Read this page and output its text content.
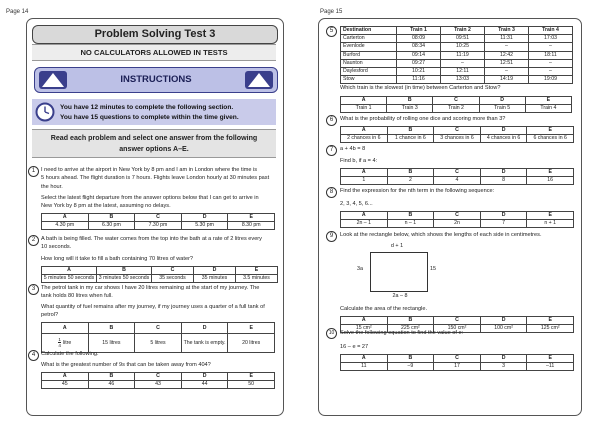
Page 14
Problem Solving Test 3
NO CALCULATORS ALLOWED IN TESTS
INSTRUCTIONS
You have 12 minutes to complete the following section.
You have 15 questions to complete within the time given.
Read each problem and select one answer from the following
answer options A–E.
1	I need to arrive at the airport in New York by 8 pm and I am in London where the time is
5 hours ahead. The flight duration is 7 hours. Flights leave London hourly at 30 minutes past
the hour.
Select the latest flight departure from the answer options below that I can get to arrive in
New York by 8 pm at the latest, assuming no delays.
A	B	C	D	E
4.30 pm	6.30 pm	7.30 pm	5.30 pm	8.30 pm
2	A bath is being filled. The water comes from the top into the bath at a rate of 2 litres every
10 seconds.
How long will it take to fill a bath containing 70 litres of water?
A	B	C	D	E
5 minutes 50 seconds	3 minutes 50 seconds	35 seconds	35 minutes	3.5 minutes
3	The petrol tank in my car shows I have 20 litres remaining at the start of my journey. The
tank holds 80 litres when full.
What quantity of fuel remains after my journey, if my journey uses a quarter of a full tank of
petrol?
A	B	C	D	E

$\frac{1}{4}$ litre	15 litres	5 litres	The tank is empty.	20 litres
4	Calculate the following.
What is the greatest number of 9s that can be taken away from 404?
A	B	C	D	E
45	46	43	44	50
Page 15
5	Destination	Train 1	Train 2	Train 3	Train 4
Carterton	08:09	09:51	11:31	17:03
Evenlode	08:34	10:25	–	–
Burford	09:14	11:19	12:42	18:11
Naunton	09:27	–	12:51	–
Daylesford	10:21	12:11	–	–
Stow	11:16	13:03	14:19	19:09
Which train is the slowest (in time) between Carterton and Stow?
A	B	C	D	E
Train 1	Train 3	Train 2	Train 5	Train 4
6	What is the probability of rolling one dice and scoring more than 3?
A	B	C	D	E
2 chances in 6	1 chance in 6	3 chances in 6	4 chances in 6	6 chances in 6
7	a + 4b = 8
Find b, if a = 4:
A	B	C	D	E
1	2	4	8	16
8	Find the expression for the nth term in the following sequence:
2, 3, 4, 5, 6...
A	B	C	D	E
2n – 1	n – 1	2n	7	n + 1
9	Look at the rectangle below, which shows the lengths of each side in centimetres.
d + 1
3a	15
2a – 8
Calculate the area of the rectangle.
A	B	C	D	E
15 cm²	225 cm²	150 cm²	100 cm²	125 cm²
10	Solve the following equation to find the value of e:
16 – e = 27
A	B	C	D	E
11	–9	17	3	–11
